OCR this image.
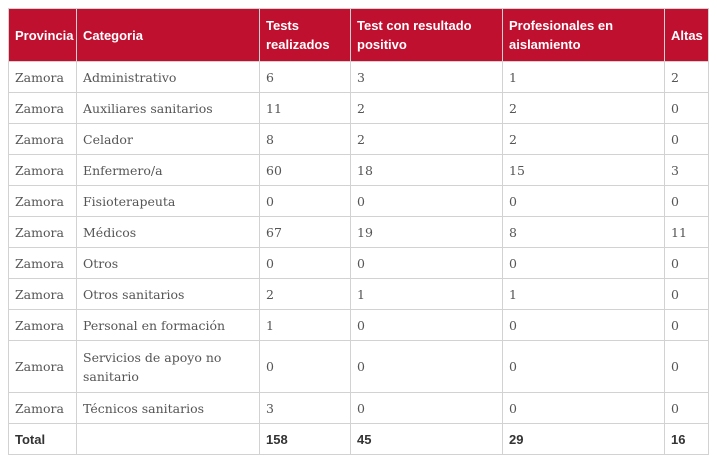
Provincia	Categoria	Tests realizados	Test con resultado positivo	Profesionales en aislamiento	Altas
Zamora	Administrativo	6	3	1	2
Zamora	Auxiliares sanitarios	11	2	2	0
Zamora	Celador	8	2	2	0
Zamora	Enfermero/a	60	18	15	3
Zamora	Fisioterapeuta	0	0	0	0
Zamora	Médicos	67	19	8	11
Zamora	Otros	0	0	0	0
Zamora	Otros sanitarios	2	1	1	0
Zamora	Personal en formación	1	0	0	0
Zamora	Servicios de apoyo no sanitario	0	0	0	0
Zamora	Técnicos sanitarios	3	0	0	0
Total		158	45	29	16
